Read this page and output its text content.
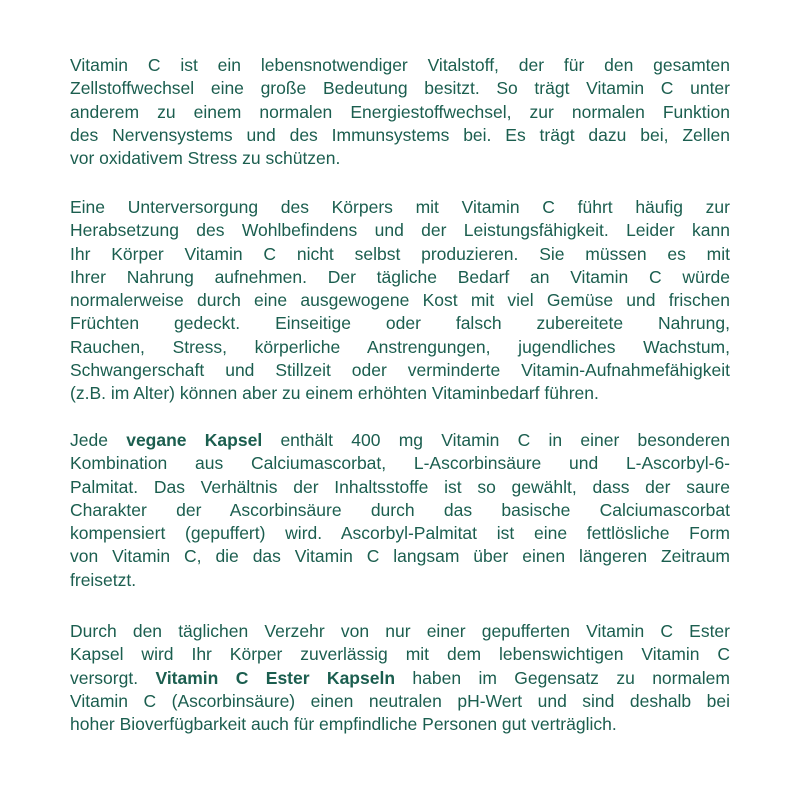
Vitamin C ist ein lebensnotwendiger Vitalstoff, der für den gesamten
Zellstoffwechsel eine große Bedeutung besitzt. So trägt Vitamin C unter
anderem zu einem normalen Energiestoffwechsel, zur normalen Funktion
des Nervensystems und des Immunsystems bei. Es trägt dazu bei, Zellen
vor oxidativem Stress zu schützen.
Eine Unterversorgung des Körpers mit Vitamin C führt häufig zur
Herabsetzung des Wohlbefindens und der Leistungsfähigkeit. Leider kann
Ihr Körper Vitamin C nicht selbst produzieren. Sie müssen es mit
Ihrer Nahrung aufnehmen. Der tägliche Bedarf an Vitamin C würde
normalerweise durch eine ausgewogene Kost mit viel Gemüse und frischen
Früchten gedeckt. Einseitige oder falsch zubereitete Nahrung,
Rauchen, Stress, körperliche Anstrengungen, jugendliches Wachstum,
Schwangerschaft und Stillzeit oder verminderte Vitamin-Aufnahmefähigkeit
(z.B. im Alter) können aber zu einem erhöhten Vitaminbedarf führen.
Jede vegane Kapsel enthält 400 mg Vitamin C in einer besonderen
Kombination aus Calciumascorbat, L-Ascorbinsäure und L-Ascorbyl-6-
Palmitat. Das Verhältnis der Inhaltsstoffe ist so gewählt, dass der saure
Charakter der Ascorbinsäure durch das basische Calciumascorbat
kompensiert (gepuffert) wird. Ascorbyl-Palmitat ist eine fettlösliche Form
von Vitamin C, die das Vitamin C langsam über einen längeren Zeitraum
freisetzt.
Durch den täglichen Verzehr von nur einer gepufferten Vitamin C Ester
Kapsel wird Ihr Körper zuverlässig mit dem lebenswichtigen Vitamin C
versorgt. Vitamin C Ester Kapseln haben im Gegensatz zu normalem
Vitamin C (Ascorbinsäure) einen neutralen pH-Wert und sind deshalb bei
hoher Bioverfügbarkeit auch für empfindliche Personen gut verträglich.
